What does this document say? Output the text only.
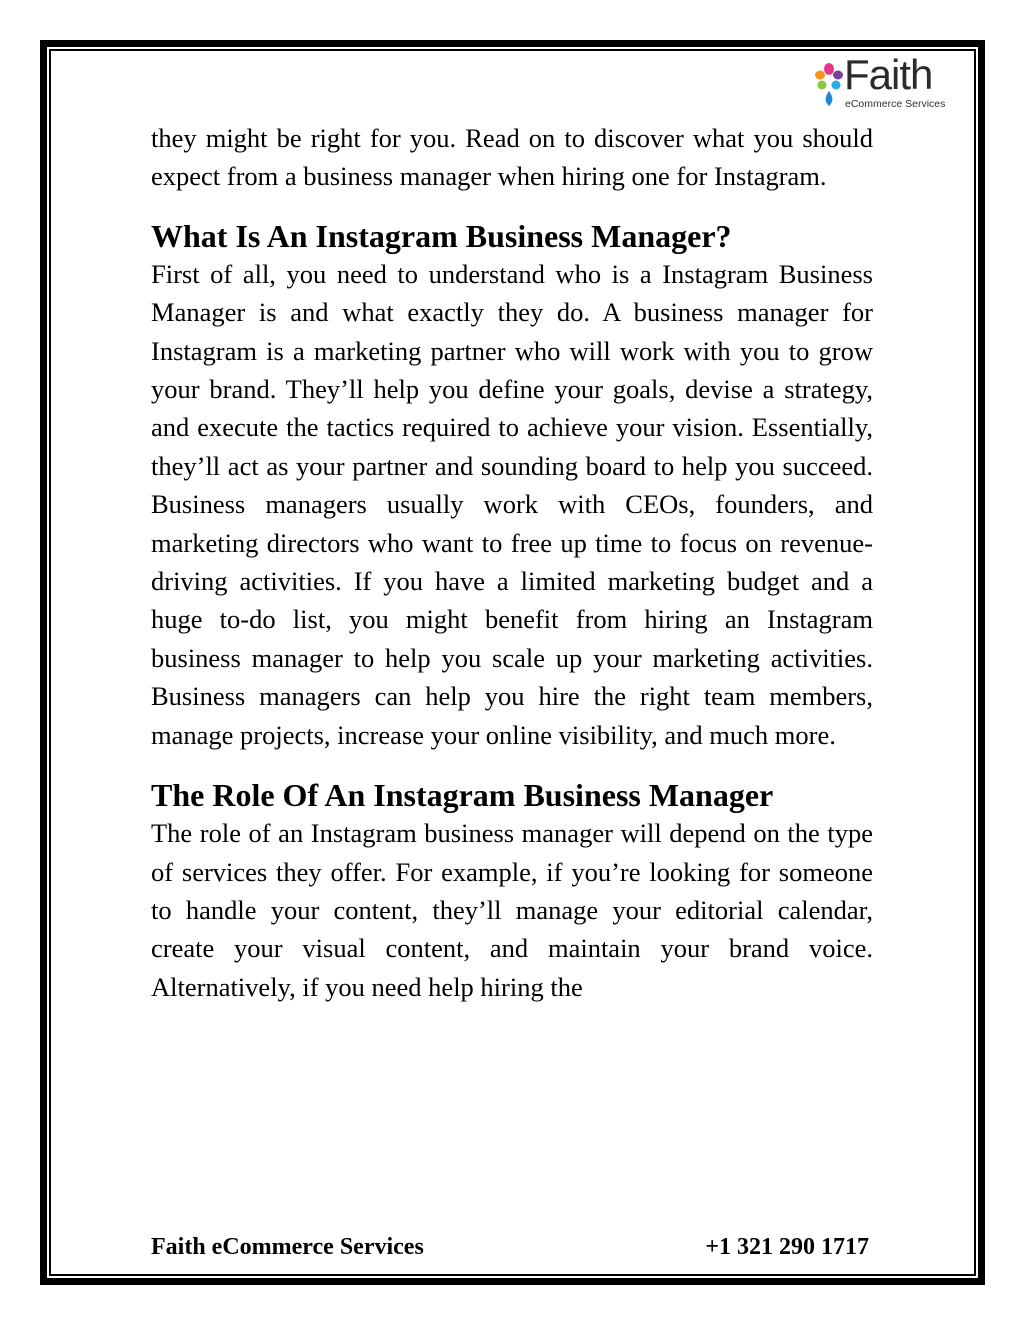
Faith
eCommerce Services

they might be right for you. Read on to discover what you should expect from a business manager when hiring one for Instagram.

What Is An Instagram Business Manager?

First of all, you need to understand who is a Instagram Business Manager is and what exactly they do. A business manager for Instagram is a marketing partner who will work with you to grow your brand. They’ll help you define your goals, devise a strategy, and execute the tactics required to achieve your vision. Essentially, they’ll act as your partner and sounding board to help you succeed. Business managers usually work with CEOs, founders, and marketing directors who want to free up time to focus on revenue-driving activities. If you have a limited marketing budget and a huge to-do list, you might benefit from hiring an Instagram business manager to help you scale up your marketing activities. Business managers can help you hire the right team members, manage projects, increase your online visibility, and much more.

The Role Of An Instagram Business Manager

The role of an Instagram business manager will depend on the type of services they offer. For example, if you’re looking for someone to handle your content, they’ll manage your editorial calendar, create your visual content, and maintain your brand voice. Alternatively, if you need help hiring the

Faith eCommerce Services	+1 321 290 1717
